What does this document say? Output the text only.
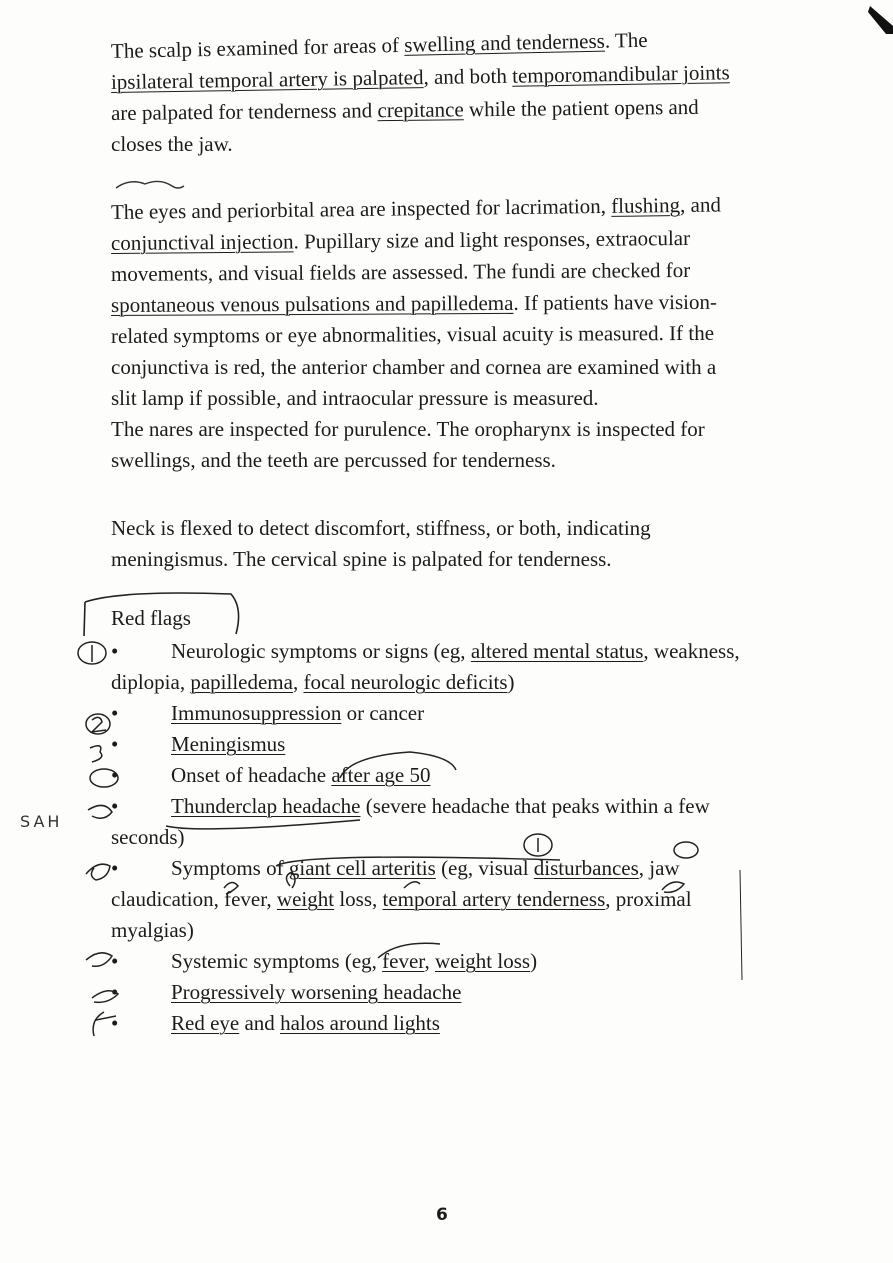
The scalp is examined for areas of swelling and tenderness. The

ipsilateral temporal artery is palpated, and both temporomandibular joints

are palpated for tenderness and crepitance while the patient opens and

closes the jaw.

The eyes and periorbital area are inspected for lacrimation, flushing, and

conjunctival injection. Pupillary size and light responses, extraocular

movements, and visual fields are assessed. The fundi are checked for

spontaneous venous pulsations and papilledema. If patients have vision-

related symptoms or eye abnormalities, visual acuity is measured. If the

conjunctiva is red, the anterior chamber and cornea are examined with a

slit lamp if possible, and intraocular pressure is measured.

The nares are inspected for purulence. The oropharynx is inspected for

swellings, and the teeth are percussed for tenderness.

Neck is flexed to detect discomfort, stiffness, or both, indicating

meningismus. The cervical spine is palpated for tenderness.

Red flags
•	Neurologic symptoms or signs (eg, altered mental status, weakness,
diplopia, papilledema, focal neurologic deficits)
•	Immunosuppression or cancer
•	Meningismus
•	Onset of headache after age 50
•	Thunderclap headache (severe headache that peaks within a few
seconds)
•	Symptoms of giant cell arteritis (eg, visual disturbances, jaw
claudication, fever, weight loss, temporal artery tenderness, proximal
myalgias)
•	Systemic symptoms (eg, fever, weight loss)
•	Progressively worsening headache
•	Red eye and halos around lights
SAH
6
